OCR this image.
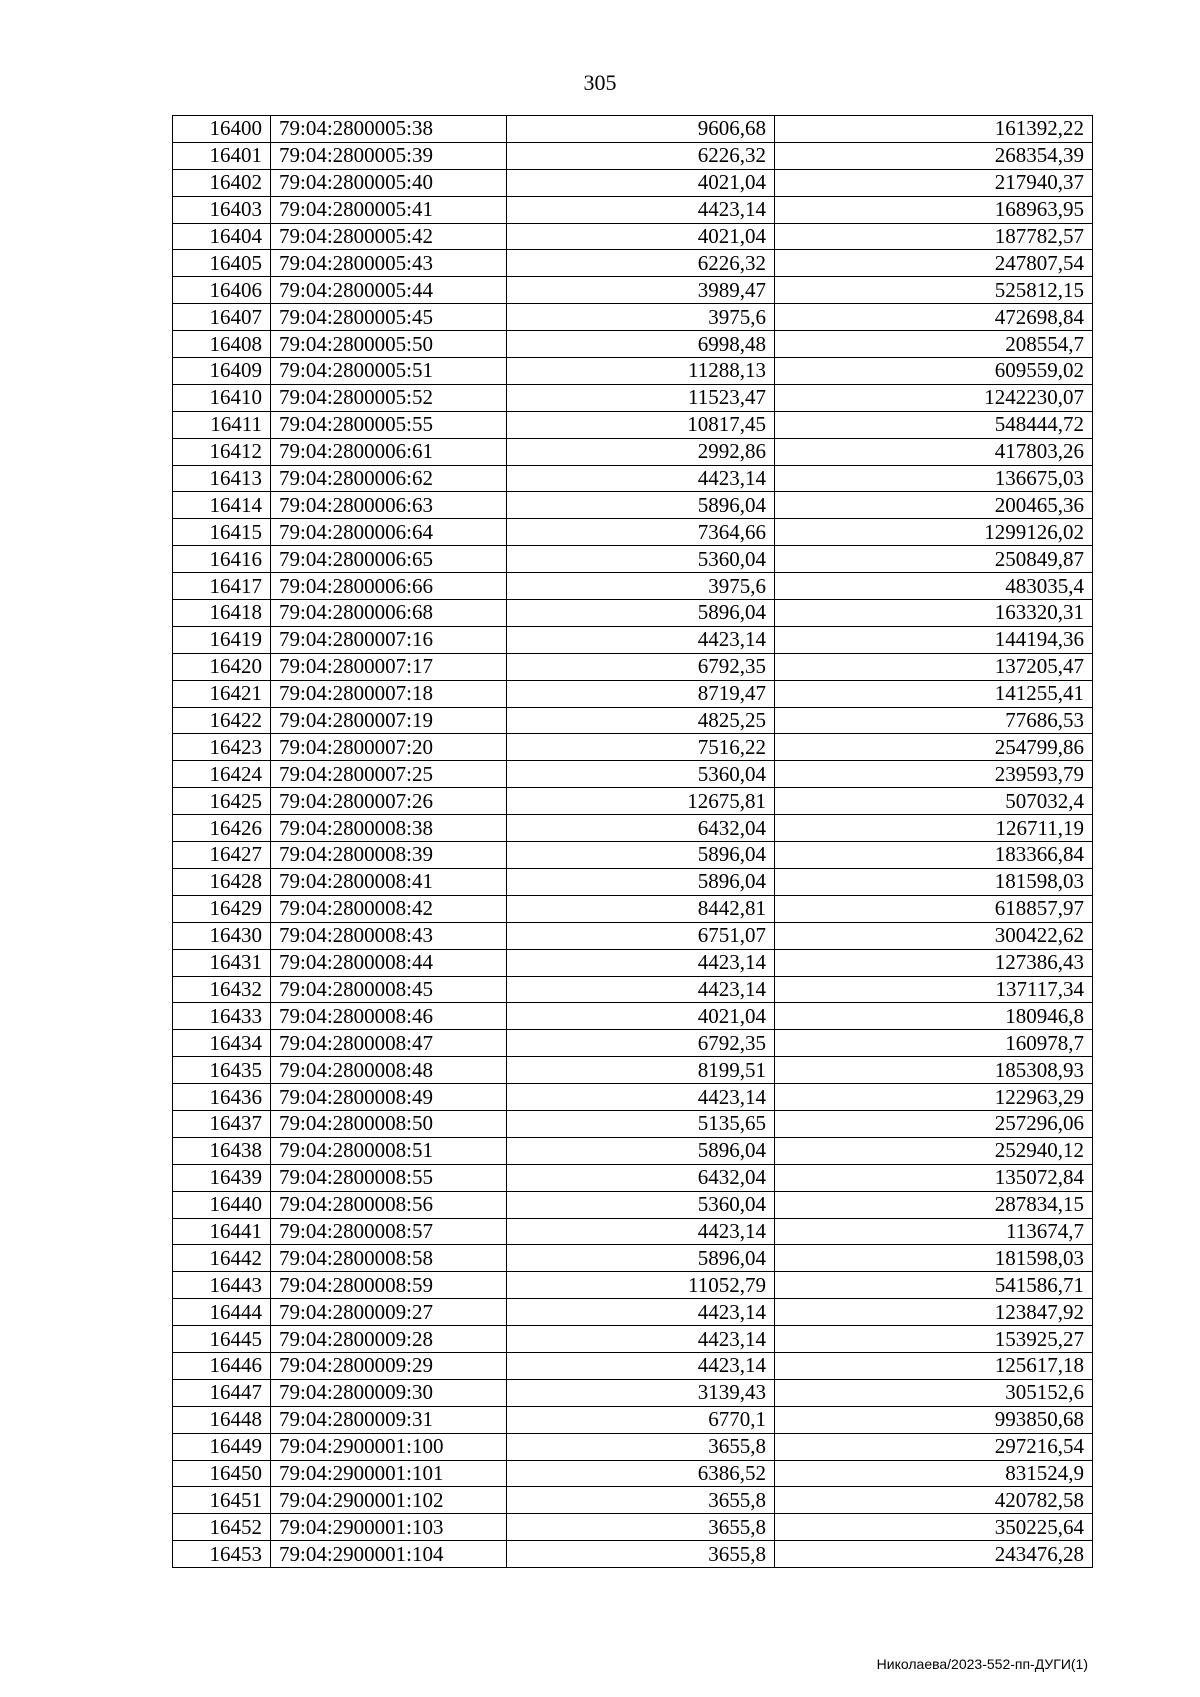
305
16400	79:04:2800005:38	9606,68	161392,22
16401	79:04:2800005:39	6226,32	268354,39
16402	79:04:2800005:40	4021,04	217940,37
16403	79:04:2800005:41	4423,14	168963,95
16404	79:04:2800005:42	4021,04	187782,57
16405	79:04:2800005:43	6226,32	247807,54
16406	79:04:2800005:44	3989,47	525812,15
16407	79:04:2800005:45	3975,6	472698,84
16408	79:04:2800005:50	6998,48	208554,7
16409	79:04:2800005:51	11288,13	609559,02
16410	79:04:2800005:52	11523,47	1242230,07
16411	79:04:2800005:55	10817,45	548444,72
16412	79:04:2800006:61	2992,86	417803,26
16413	79:04:2800006:62	4423,14	136675,03
16414	79:04:2800006:63	5896,04	200465,36
16415	79:04:2800006:64	7364,66	1299126,02
16416	79:04:2800006:65	5360,04	250849,87
16417	79:04:2800006:66	3975,6	483035,4
16418	79:04:2800006:68	5896,04	163320,31
16419	79:04:2800007:16	4423,14	144194,36
16420	79:04:2800007:17	6792,35	137205,47
16421	79:04:2800007:18	8719,47	141255,41
16422	79:04:2800007:19	4825,25	77686,53
16423	79:04:2800007:20	7516,22	254799,86
16424	79:04:2800007:25	5360,04	239593,79
16425	79:04:2800007:26	12675,81	507032,4
16426	79:04:2800008:38	6432,04	126711,19
16427	79:04:2800008:39	5896,04	183366,84
16428	79:04:2800008:41	5896,04	181598,03
16429	79:04:2800008:42	8442,81	618857,97
16430	79:04:2800008:43	6751,07	300422,62
16431	79:04:2800008:44	4423,14	127386,43
16432	79:04:2800008:45	4423,14	137117,34
16433	79:04:2800008:46	4021,04	180946,8
16434	79:04:2800008:47	6792,35	160978,7
16435	79:04:2800008:48	8199,51	185308,93
16436	79:04:2800008:49	4423,14	122963,29
16437	79:04:2800008:50	5135,65	257296,06
16438	79:04:2800008:51	5896,04	252940,12
16439	79:04:2800008:55	6432,04	135072,84
16440	79:04:2800008:56	5360,04	287834,15
16441	79:04:2800008:57	4423,14	113674,7
16442	79:04:2800008:58	5896,04	181598,03
16443	79:04:2800008:59	11052,79	541586,71
16444	79:04:2800009:27	4423,14	123847,92
16445	79:04:2800009:28	4423,14	153925,27
16446	79:04:2800009:29	4423,14	125617,18
16447	79:04:2800009:30	3139,43	305152,6
16448	79:04:2800009:31	6770,1	993850,68
16449	79:04:2900001:100	3655,8	297216,54
16450	79:04:2900001:101	6386,52	831524,9
16451	79:04:2900001:102	3655,8	420782,58
16452	79:04:2900001:103	3655,8	350225,64
16453	79:04:2900001:104	3655,8	243476,28
Николаева/2023-552-пп-ДУГИ(1)
